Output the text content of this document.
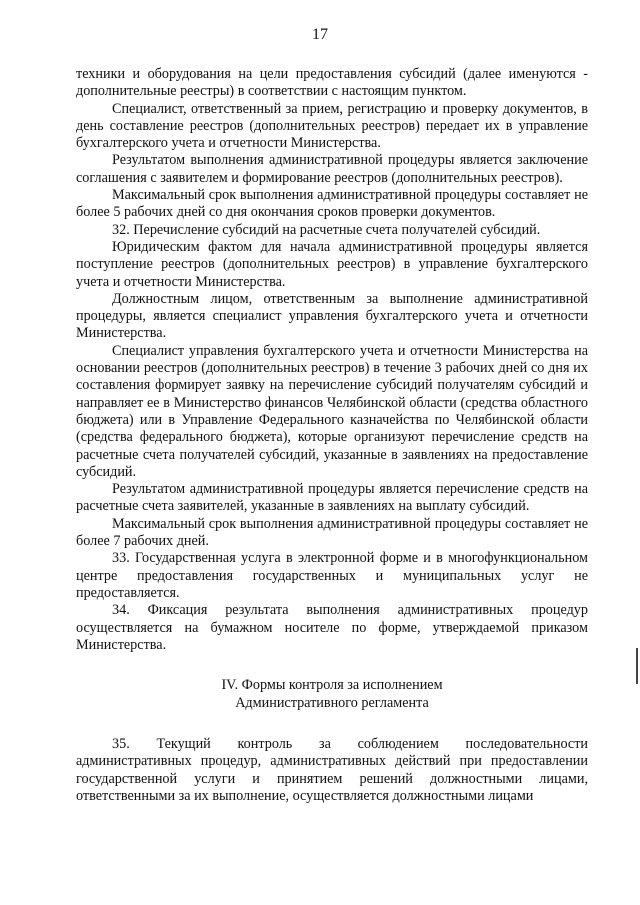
17

техники и оборудования на цели предоставления субсидий (далее именуются - дополнительные реестры) в соответствии с настоящим пунктом.

Специалист, ответственный за прием, регистрацию и проверку документов, в день составление реестров (дополнительных реестров) передает их в управление бухгалтерского учета и отчетности Министерства.

Результатом выполнения административной процедуры является заключение соглашения с заявителем и формирование реестров (дополнительных реестров).

Максимальный срок выполнения административной процедуры составляет не более 5 рабочих дней со дня окончания сроков проверки документов.

32. Перечисление субсидий на расчетные счета получателей субсидий.

Юридическим фактом для начала административной процедуры является поступление реестров (дополнительных реестров) в управление бухгалтерского учета и отчетности Министерства.

Должностным лицом, ответственным за выполнение административной процедуры, является специалист управления бухгалтерского учета и отчетности Министерства.

Специалист управления бухгалтерского учета и отчетности Министерства на основании реестров (дополнительных реестров) в течение 3 рабочих дней со дня их составления формирует заявку на перечисление субсидий получателям субсидий и направляет ее в Министерство финансов Челябинской области (средства областного бюджета) или в Управление Федерального казначейства по Челябинской области (средства федерального бюджета), которые организуют перечисление средств на расчетные счета получателей субсидий, указанные в заявлениях на предоставление субсидий.

Результатом административной процедуры является перечисление средств на расчетные счета заявителей, указанные в заявлениях на выплату субсидий.

Максимальный срок выполнения административной процедуры составляет не более 7 рабочих дней.

33. Государственная услуга в электронной форме и в многофункциональном центре предоставления государственных и муниципальных услуг не предоставляется.

34. Фиксация результата выполнения административных процедур осуществляется на бумажном носителе по форме, утверждаемой приказом Министерства.

IV. Формы контроля за исполнением
Административного регламента

35. Текущий контроль за соблюдением последовательности административных процедур, административных действий при предоставлении государственной услуги и принятием решений должностными лицами, ответственными за их выполнение, осуществляется должностными лицами
